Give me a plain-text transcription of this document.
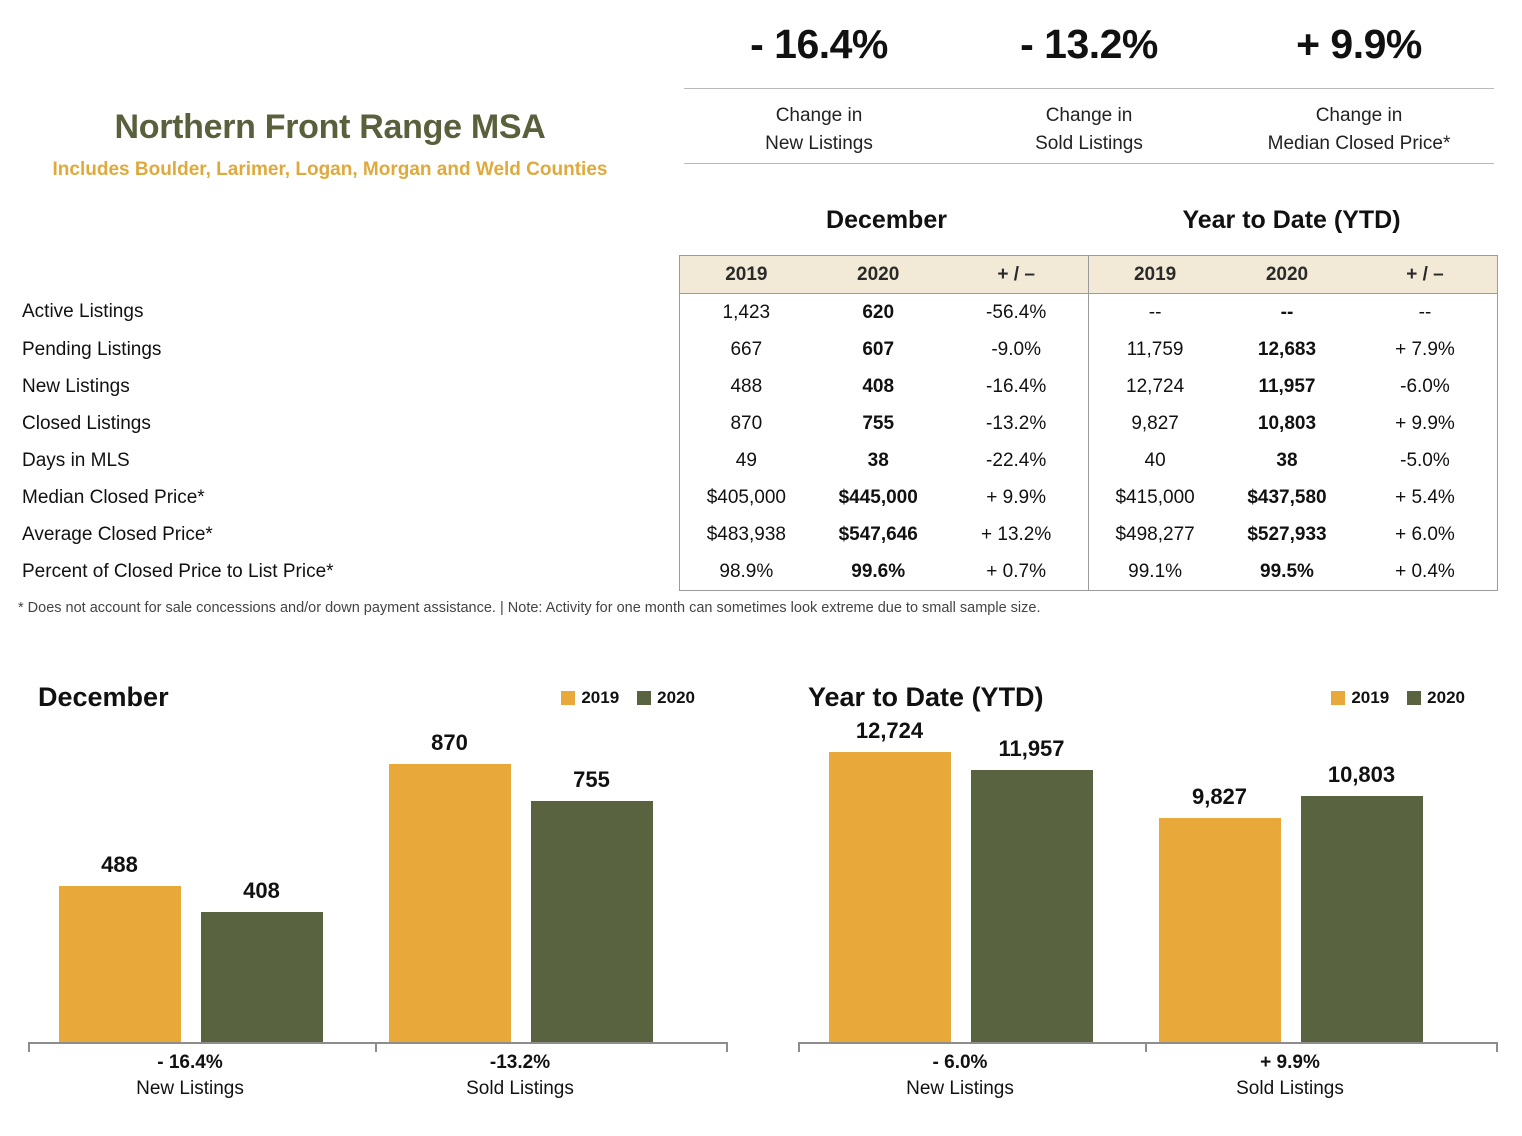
Northern Front Range MSA
Includes Boulder, Larimer, Logan, Morgan and Weld Counties
- 16.4%	- 13.2%	+ 9.9%
Change in
New Listings
Change in
Sold Listings
Change in
Median Closed Price*
December	Year to Date (YTD)
	2019	2020	+ / –	2019	2020	+ / –
Active Listings	1,423	620	-56.4%	--	--	--
Pending Listings	667	607	-9.0%	11,759	12,683	+ 7.9%
New Listings	488	408	-16.4%	12,724	11,957	-6.0%
Closed Listings	870	755	-13.2%	9,827	10,803	+ 9.9%
Days in MLS	49	38	-22.4%	40	38	-5.0%
Median Closed Price*	$405,000	$445,000	+ 9.9%	$415,000	$437,580	+ 5.4%
Average Closed Price*	$483,938	$547,646	+ 13.2%	$498,277	$527,933	+ 6.0%
Percent of Closed Price to List Price*	98.9%	99.6%	+ 0.7%	99.1%	99.5%	+ 0.4%
* Does not account for sale concessions and/or down payment assistance. | Note: Activity for one month can sometimes look extreme due to small sample size.
December	2019 2020
488
408
870
755
- 16.4%
New Listings
-13.2%
Sold Listings
Year to Date (YTD)	2019 2020
12,724
11,957
9,827
10,803
- 6.0%
New Listings
+ 9.9%
Sold Listings
